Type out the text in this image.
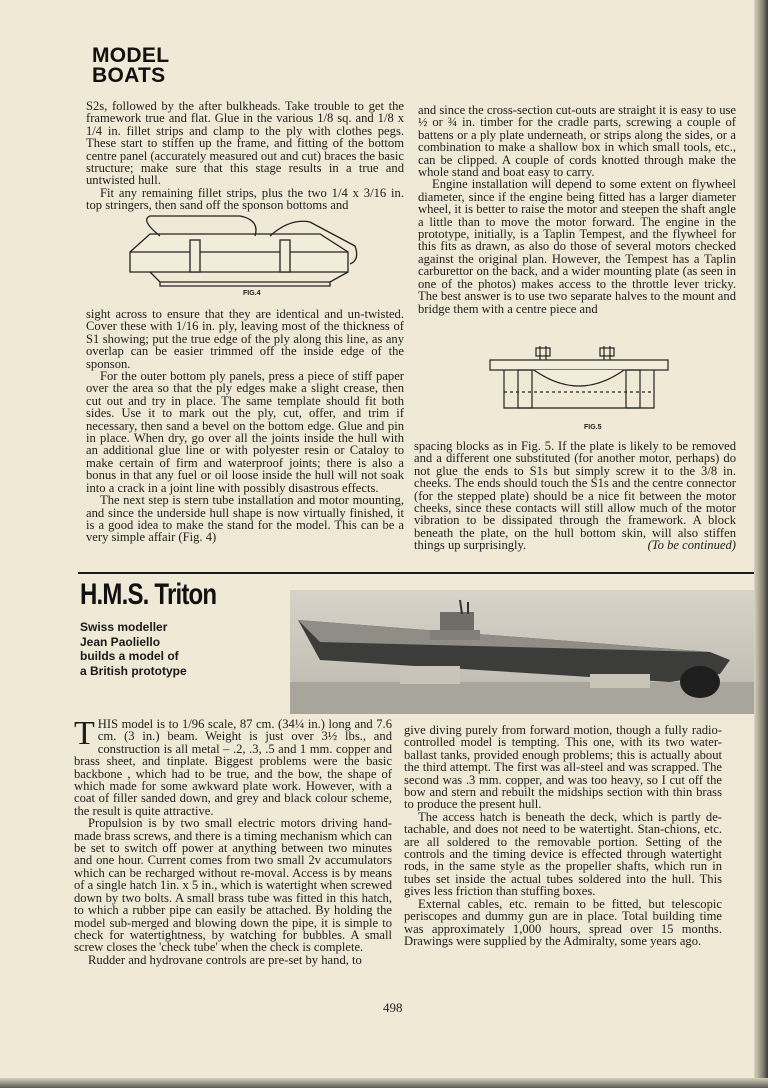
MODEL
BOATS

S2s, followed by the after bulkheads. Take trouble to get the framework true and flat. Glue in the various 1/8 sq. and 1/8 x 1/4 in. fillet strips and clamp to the ply with clothes pegs. These start to stiffen up the frame, and fitting of the bottom centre panel (accurately measured out and cut) braces the basic structure; make sure that this stage results in a true and untwisted hull.

Fit any remaining fillet strips, plus the two 1/4 x 3/16 in. top stringers, then sand off the sponson bottoms and

FIG.4

sight across to ensure that they are identical and un-twisted. Cover these with 1/16 in. ply, leaving most of the thickness of S1 showing; put the true edge of the ply along this line, as any overlap can be easier trimmed off the inside edge of the sponson.

For the outer bottom ply panels, press a piece of stiff paper over the area so that the ply edges make a slight crease, then cut out and try in place. The same template should fit both sides. Use it to mark out the ply, cut, offer, and trim if necessary, then sand a bevel on the bottom edge. Glue and pin in place. When dry, go over all the joints inside the hull with an additional glue line or with polyester resin or Cataloy to make certain of firm and waterproof joints; there is also a bonus in that any fuel or oil loose inside the hull will not soak into a crack in a joint line with possibly disastrous effects.

The next step is stern tube installation and motor mounting, and since the underside hull shape is now virtually finished, it is a good idea to make the stand for the model. This can be a very simple affair (Fig. 4)

and since the cross-section cut-outs are straight it is easy to use ½ or ¾ in. timber for the cradle parts, screwing a couple of battens or a ply plate underneath, or strips along the sides, or a combination to make a shallow box in which small tools, etc., can be clipped. A couple of cords knotted through make the whole stand and boat easy to carry.

Engine installation will depend to some extent on flywheel diameter, since if the engine being fitted has a larger diameter wheel, it is better to raise the motor and steepen the shaft angle a little than to move the motor forward. The engine in the prototype, initially, is a Taplin Tempest, and the flywheel for this fits as drawn, as also do those of several motors checked against the original plan. However, the Tempest has a Taplin carburettor on the back, and a wider mounting plate (as seen in one of the photos) makes access to the throttle lever tricky. The best answer is to use two separate halves to the mount and bridge them with a centre piece and

FIG.5

spacing blocks as in Fig. 5. If the plate is likely to be removed and a different one substituted (for another motor, perhaps) do not glue the ends to S1s but simply screw it to the 3/8 in. cheeks. The ends should touch the S1s and the centre connector (for the stepped plate) should be a nice fit between the motor cheeks, since these contacts will still allow much of the motor vibration to be dissipated through the framework. A block beneath the plate, on the hull bottom skin, will also stiffen things up surprisingly.	(To be continued)

H.M.S. Triton
Swiss modeller
Jean Paoliello
builds a model of
a British prototype

THIS model is to 1/96 scale, 87 cm. (34¼ in.) long and 7.6 cm. (3 in.) beam. Weight is just over 3½ lbs., and construction is all metal – .2, .3, .5 and 1 mm. copper and brass sheet, and tinplate. Biggest problems were the basic backbone , which had to be true, and the bow, the shape of which made for some awkward plate work. However, with a coat of filler sanded down, and grey and black colour scheme, the result is quite attractive.

Propulsion is by two small electric motors driving hand-made brass screws, and there is a timing mechanism which can be set to switch off power at anything between two minutes and one hour. Current comes from two small 2v accumulators which can be recharged without re-moval. Access is by means of a single hatch 1in. x 5 in., which is watertight when screwed down by two bolts. A small brass tube was fitted in this hatch, to which a rubber pipe can easily be attached. By holding the model sub-merged and blowing down the pipe, it is simple to check for watertightness, by watching for bubbles. A small screw closes the 'check tube' when the check is complete.

Rudder and hydrovane controls are pre-set by hand, to

give diving purely from forward motion, though a fully radio-controlled model is tempting. This one, with its two water-ballast tanks, provided enough problems; this is actually about the third attempt. The first was all-steel and was scrapped. The second was .3 mm. copper, and was too heavy, so I cut off the bow and stern and rebuilt the midships section with thin brass to produce the present hull.

The access hatch is beneath the deck, which is partly de-tachable, and does not need to be watertight. Stan-chions, etc. are all soldered to the removable portion. Setting of the controls and the timing device is effected through watertight rods, in the same style as the propeller shafts, which run in tubes set inside the actual tubes soldered into the hull. This gives less friction than stuffing boxes.

External cables, etc. remain to be fitted, but telescopic periscopes and dummy gun are in place. Total building time was approximately 1,000 hours, spread over 15 months. Drawings were supplied by the Admiralty, some years ago.

498
